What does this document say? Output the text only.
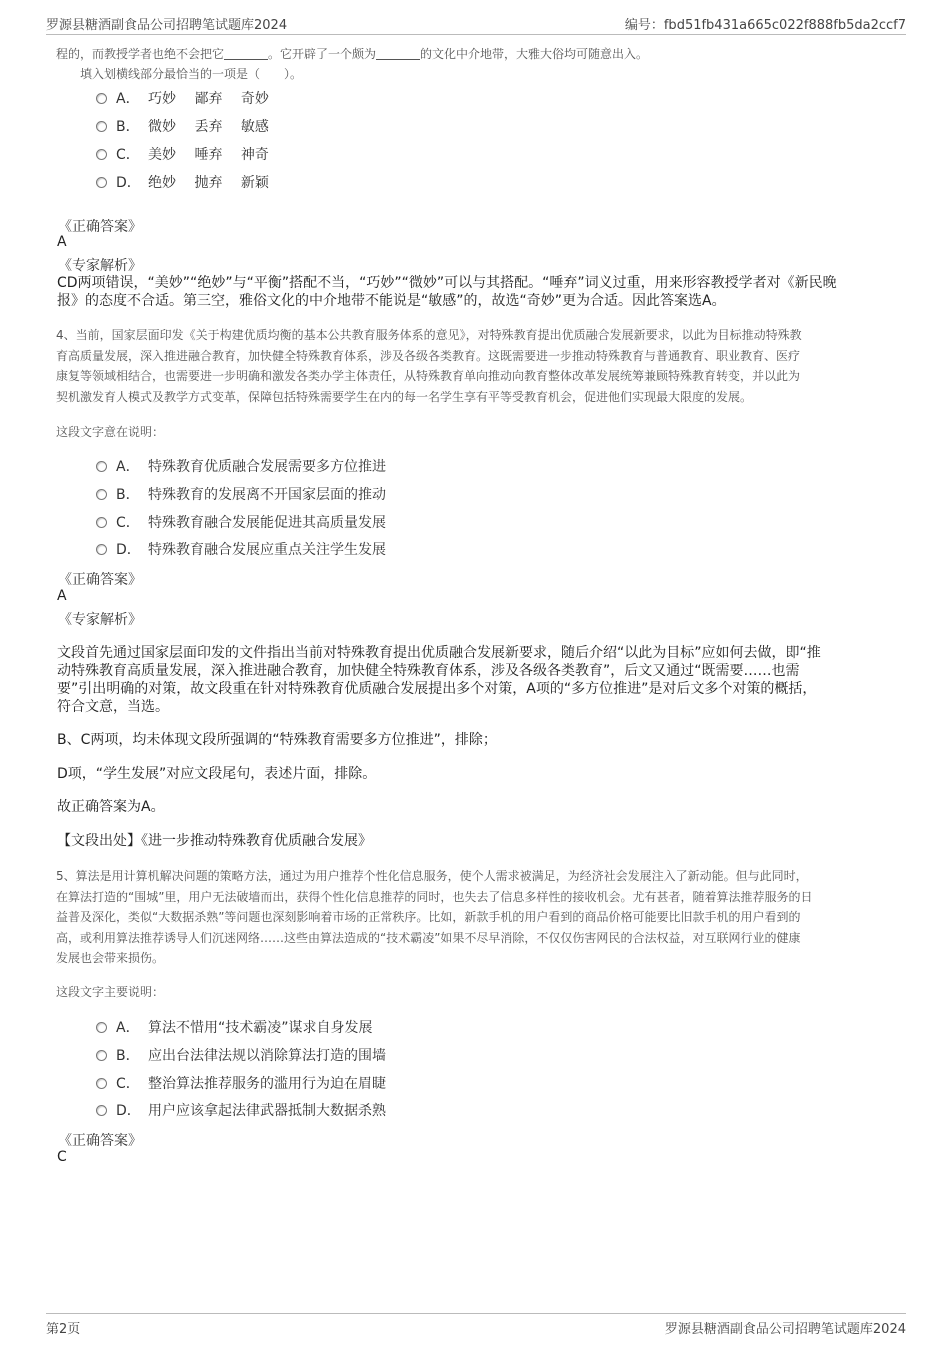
罗源县糖酒副食品公司招聘笔试题库2024	编号：fbd51fb431a665c022f888fb5da2ccf7
程的，而教授学者也绝不会把它	。它开辟了一个颇为	的文化中介地带，大雅大俗均可随意出入。
填入划横线部分最恰当的一项是（　　）。
A． 巧妙　 鄙弃　 奇妙
B． 微妙　 丢弃　 敏感
C． 美妙　 唾弃　 神奇
D． 绝妙　 抛弃　 新颖
《正确答案》
A
《专家解析》
CD两项错误，“美妙”“绝妙”与“平衡”搭配不当，“巧妙”“微妙”可以与其搭配。“唾弃”词义过重，用来形容教授学者对《新民晚
报》的态度不合适。第三空，雅俗文化的中介地带不能说是“敏感”的，故选“奇妙”更为合适。因此答案选A。
4、当前，国家层面印发《关于构建优质均衡的基本公共教育服务体系的意见》，对特殊教育提出优质融合发展新要求，以此为目标推动特殊教
育高质量发展，深入推进融合教育，加快健全特殊教育体系，涉及各级各类教育。这既需要进一步推动特殊教育与普通教育、职业教育、医疗
康复等领域相结合，也需要进一步明确和激发各类办学主体责任，从特殊教育单向推动向教育整体改革发展统筹兼顾特殊教育转变，并以此为
契机激发育人模式及教学方式变革，保障包括特殊需要学生在内的每一名学生享有平等受教育机会，促进他们实现最大限度的发展。
这段文字意在说明：
A． 特殊教育优质融合发展需要多方位推进
B． 特殊教育的发展离不开国家层面的推动
C． 特殊教育融合发展能促进其高质量发展
D． 特殊教育融合发展应重点关注学生发展
《正确答案》
A
《专家解析》
文段首先通过国家层面印发的文件指出当前对特殊教育提出优质融合发展新要求，随后介绍“以此为目标”应如何去做，即“推
动特殊教育高质量发展，深入推进融合教育，加快健全特殊教育体系，涉及各级各类教育”，后文又通过“既需要……也需
要”引出明确的对策，故文段重在针对特殊教育优质融合发展提出多个对策，A项的“多方位推进”是对后文多个对策的概括，
符合文意，当选。
B、C两项，均未体现文段所强调的“特殊教育需要多方位推进”，排除；
D项，“学生发展”对应文段尾句，表述片面，排除。
故正确答案为A。
【文段出处】《进一步推动特殊教育优质融合发展》
5、算法是用计算机解决问题的策略方法，通过为用户推荐个性化信息服务，使个人需求被满足，为经济社会发展注入了新动能。但与此同时，
在算法打造的“围城”里，用户无法破墙而出，获得个性化信息推荐的同时，也失去了信息多样性的接收机会。尤有甚者，随着算法推荐服务的日
益普及深化，类似“大数据杀熟”等问题也深刻影响着市场的正常秩序。比如，新款手机的用户看到的商品价格可能要比旧款手机的用户看到的
高，或利用算法推荐诱导人们沉迷网络……这些由算法造成的“技术霸凌”如果不尽早消除，不仅仅伤害网民的合法权益，对互联网行业的健康
发展也会带来损伤。
这段文字主要说明：
A． 算法不惜用“技术霸凌”谋求自身发展
B． 应出台法律法规以消除算法打造的围墙
C． 整治算法推荐服务的滥用行为迫在眉睫
D． 用户应该拿起法律武器抵制大数据杀熟
《正确答案》
C
第2页	罗源县糖酒副食品公司招聘笔试题库2024
